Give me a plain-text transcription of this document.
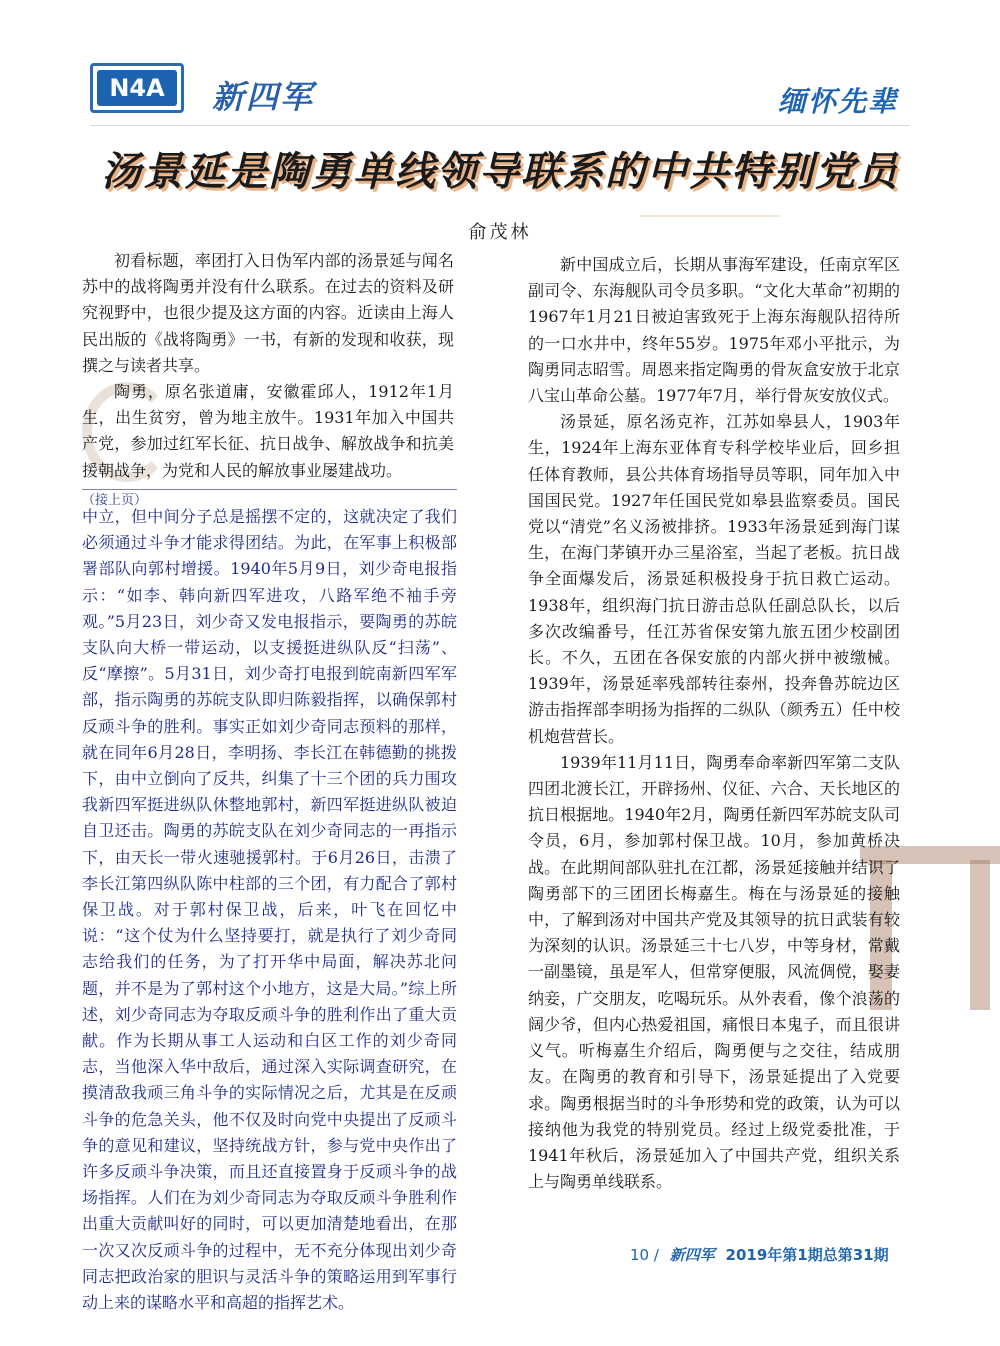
N4A 新四军	缅怀先辈
汤景延是陶勇单线领导联系的中共特别党员
俞茂林

初看标题，率团打入日伪军内部的汤景延与闻名苏中的战将陶勇并没有什么联系。在过去的资料及研究视野中，也很少提及这方面的内容。近读由上海人民出版的《战将陶勇》一书，有新的发现和收获，现撰之与读者共享。

陶勇，原名张道庸，安徽霍邱人，1912年1月生，出生贫穷，曾为地主放牛。1931年加入中国共产党，参加过红军长征、抗日战争、解放战争和抗美援朝战争，为党和人民的解放事业屡建战功。

（接上页）

中立，但中间分子总是摇摆不定的，这就决定了我们必须通过斗争才能求得团结。为此，在军事上积极部署部队向郭村增援。1940年5月9日，刘少奇电报指示：“如李、韩向新四军进攻，八路军绝不袖手旁观。”5月23日，刘少奇又发电报指示，要陶勇的苏皖支队向大桥一带运动，以支援挺进纵队反“扫荡”、反“摩擦”。5月31日，刘少奇打电报到皖南新四军军部，指示陶勇的苏皖支队即归陈毅指挥，以确保郭村反顽斗争的胜利。事实正如刘少奇同志预料的那样，就在同年6月28日，李明扬、李长江在韩德勤的挑拨下，由中立倒向了反共，纠集了十三个团的兵力围攻我新四军挺进纵队休整地郭村，新四军挺进纵队被迫自卫还击。陶勇的苏皖支队在刘少奇同志的一再指示下，由天长一带火速驰援郭村。于6月26日，击溃了李长江第四纵队陈中柱部的三个团，有力配合了郭村保卫战。对于郭村保卫战，后来，叶飞在回忆中说：“这个仗为什么坚持要打，就是执行了刘少奇同志给我们的任务，为了打开华中局面，解决苏北问题，并不是为了郭村这个小地方，这是大局。”综上所述，刘少奇同志为夺取反顽斗争的胜利作出了重大贡献。作为长期从事工人运动和白区工作的刘少奇同志，当他深入华中敌后，通过深入实际调查研究，在摸清敌我顽三角斗争的实际情况之后，尤其是在反顽斗争的危急关头，他不仅及时向党中央提出了反顽斗争的意见和建议，坚持统战方针，参与党中央作出了许多反顽斗争决策，而且还直接置身于反顽斗争的战场指挥。人们在为刘少奇同志为夺取反顽斗争胜利作出重大贡献叫好的同时，可以更加清楚地看出，在那一次又次反顽斗争的过程中，无不充分体现出刘少奇同志把政治家的胆识与灵活斗争的策略运用到军事行动上来的谋略水平和高超的指挥艺术。

新中国成立后，长期从事海军建设，任南京军区副司令、东海舰队司令员多职。“文化大革命”初期的1967年1月21日被迫害致死于上海东海舰队招待所的一口水井中，终年55岁。1975年邓小平批示，为陶勇同志昭雪。周恩来指定陶勇的骨灰盒安放于北京八宝山革命公墓。1977年7月，举行骨灰安放仪式。

汤景延，原名汤克祚，江苏如皋县人，1903年生，1924年上海东亚体育专科学校毕业后，回乡担任体育教师，县公共体育场指导员等职，同年加入中国国民党。1927年任国民党如皋县监察委员。国民党以“清党”名义汤被排挤。1933年汤景延到海门谋生，在海门茅镇开办三星浴室，当起了老板。抗日战争全面爆发后，汤景延积极投身于抗日救亡运动。1938年，组织海门抗日游击总队任副总队长，以后多次改编番号，任江苏省保安第九旅五团少校副团长。不久，五团在各保安旅的内部火拼中被缴械。1939年，汤景延率残部转往泰州，投奔鲁苏皖边区游击指挥部李明扬为指挥的二纵队（颜秀五）任中校机炮营营长。

1939年11月11日，陶勇奉命率新四军第二支队四团北渡长江，开辟扬州、仪征、六合、天长地区的抗日根据地。1940年2月，陶勇任新四军苏皖支队司令员，6月，参加郭村保卫战。10月，参加黄桥决战。在此期间部队驻扎在江都，汤景延接触并结识了陶勇部下的三团团长梅嘉生。梅在与汤景延的接触中，了解到汤对中国共产党及其领导的抗日武装有较为深刻的认识。汤景延三十七八岁，中等身材，常戴一副墨镜，虽是军人，但常穿便服，风流倜傥，娶妻纳妾，广交朋友，吃喝玩乐。从外表看，像个浪荡的阔少爷，但内心热爱祖国，痛恨日本鬼子，而且很讲义气。听梅嘉生介绍后，陶勇便与之交往，结成朋友。在陶勇的教育和引导下，汤景延提出了入党要求。陶勇根据当时的斗争形势和党的政策，认为可以接纳他为我党的特别党员。经过上级党委批准，于1941年秋后，汤景延加入了中国共产党，组织关系上与陶勇单线联系。

10 / 新四军 2019年第1期总第31期
